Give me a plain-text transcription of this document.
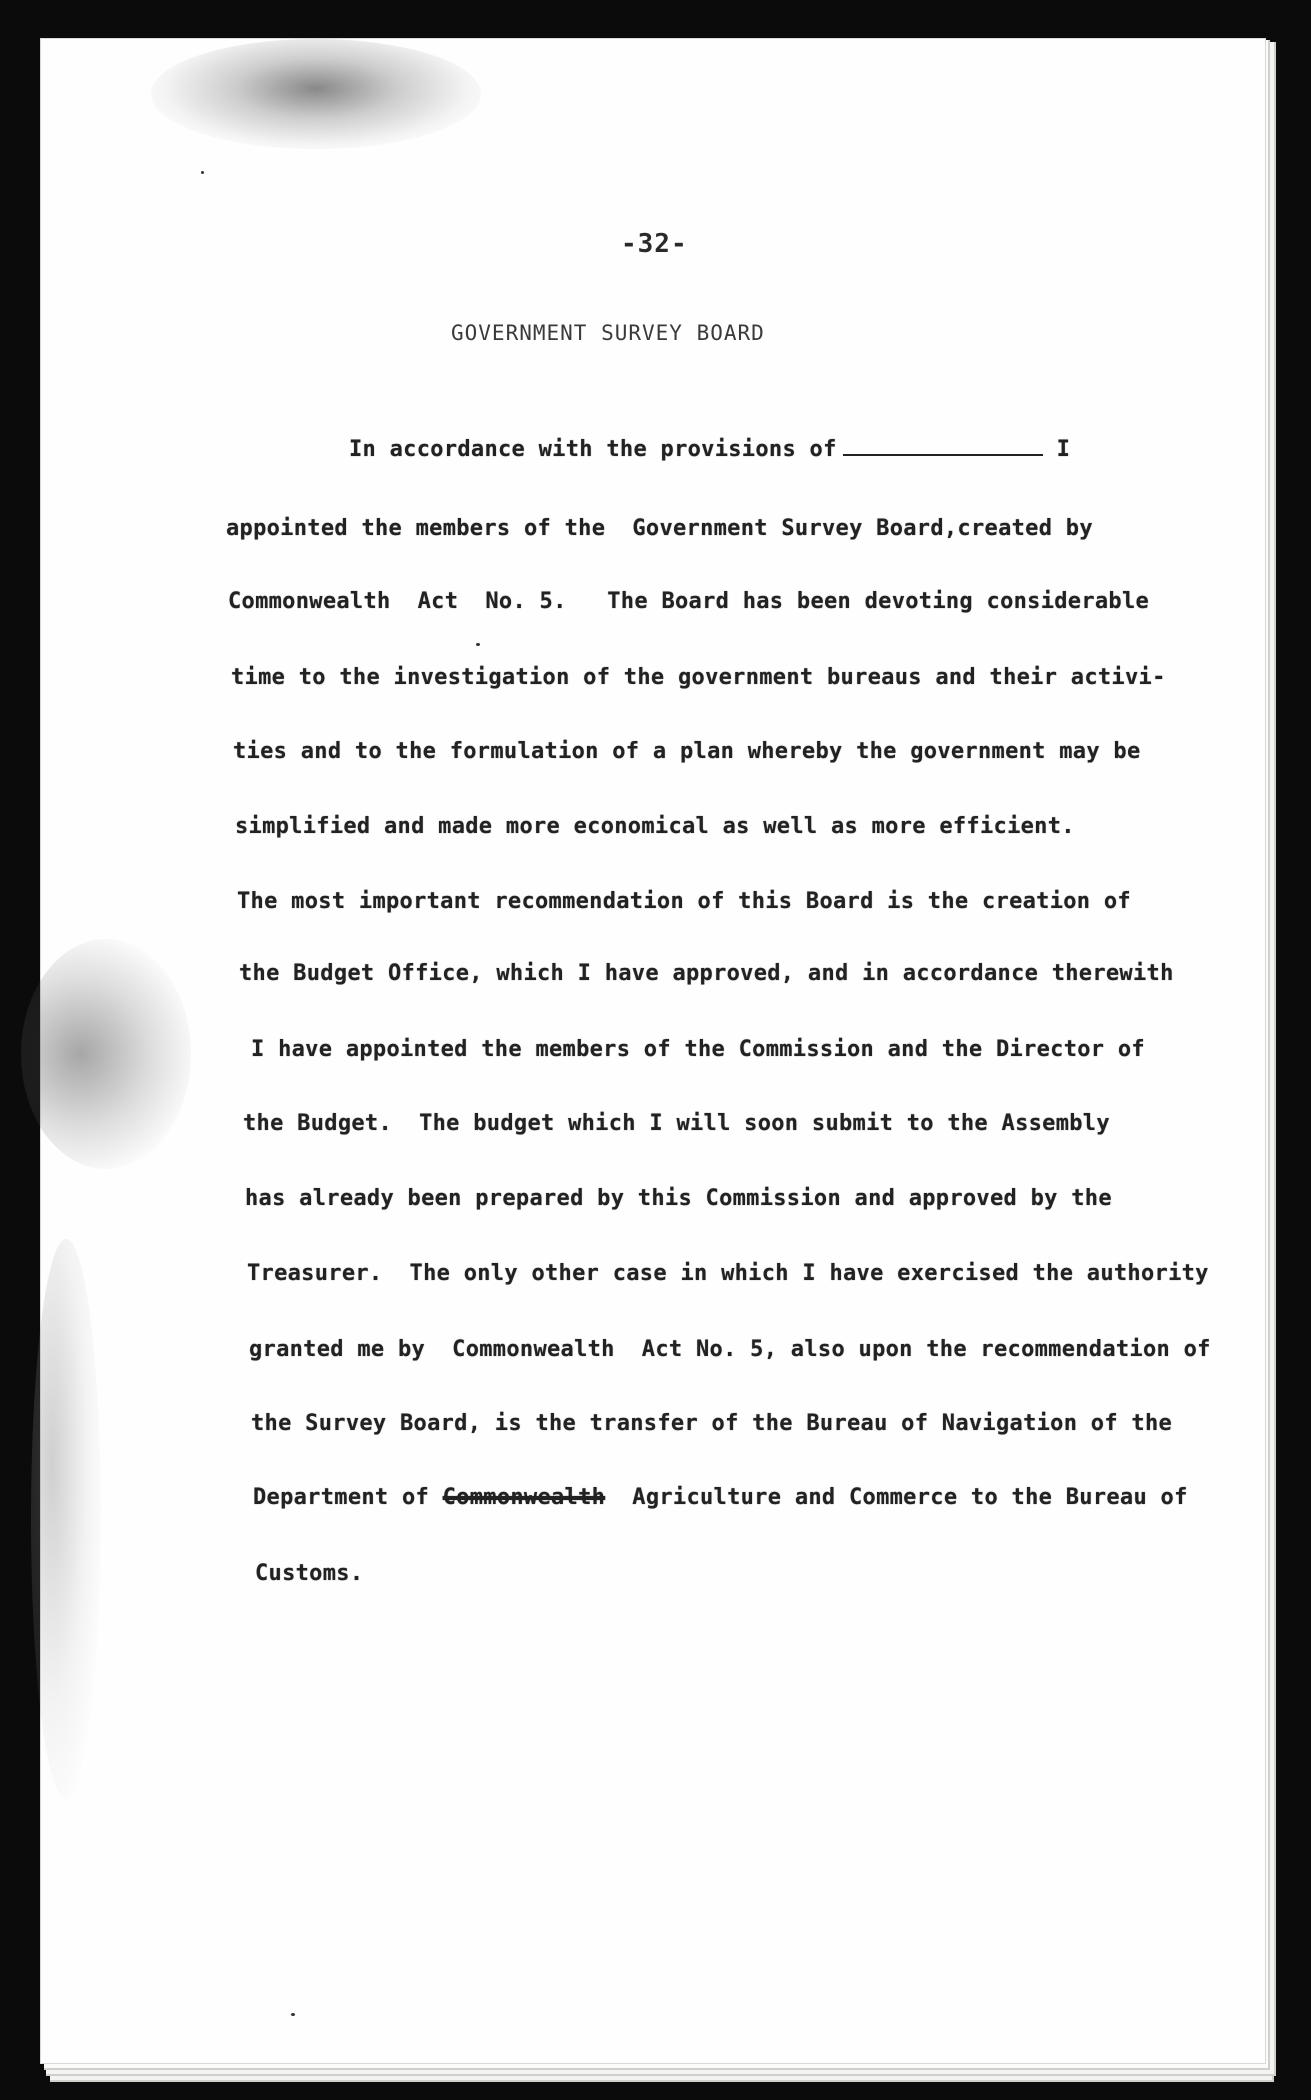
-32-
GOVERNMENT SURVEY BOARD
In accordance with the provisions of	I
appointed the members of the  Government Survey Board,created by
Commonwealth  Act  No. 5.   The Board has been devoting considerable
time to the investigation of the government bureaus and their activi-
ties and to the formulation of a plan whereby the government may be
simplified and made more economical as well as more efficient.
The most important recommendation of this Board is the creation of
the Budget Office, which I have approved, and in accordance therewith
I have appointed the members of the Commission and the Director of
the Budget.  The budget which I will soon submit to the Assembly
has already been prepared by this Commission and approved by the
Treasurer.  The only other case in which I have exercised the authority
granted me by  Commonwealth  Act No. 5, also upon the recommendation of
the Survey Board, is the transfer of the Bureau of Navigation of the
Department of Commonwealth Agriculture and Commerce to the Bureau of
Customs.
